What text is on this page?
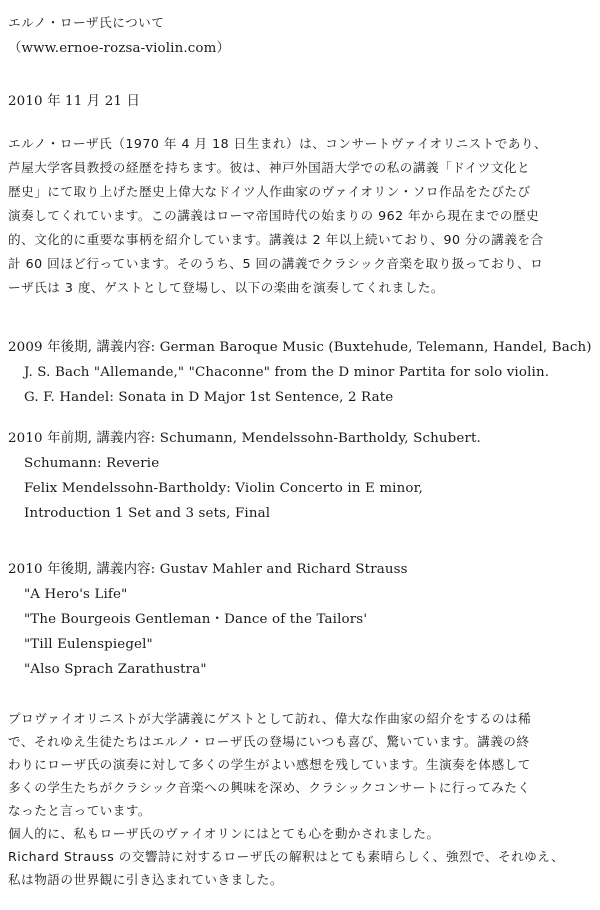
エルノ・ローザ氏について
（www.ernoe-rozsa-violin.com）
2010 年 11 月 21 日
エルノ・ローザ氏（1970 年 4 月 18 日生まれ）は、コンサートヴァイオリニストであり、
芦屋大学客員教授の経歴を持ちます。彼は、神戸外国語大学での私の講義「ドイツ文化と
歴史」にて取り上げた歴史上偉大なドイツ人作曲家のヴァイオリン・ソロ作品をたびたび
演奏してくれています。この講義はローマ帝国時代の始まりの 962 年から現在までの歴史
的、文化的に重要な事柄を紹介しています。講義は 2 年以上続いており、90 分の講義を合
計 60 回ほど行っています。そのうち、5 回の講義でクラシック音楽を取り扱っており、ロ
ーザ氏は 3 度、ゲストとして登場し、以下の楽曲を演奏してくれました。
2009 年後期, 講義内容: German Baroque Music (Buxtehude, Telemann, Handel, Bach)
J. S. Bach "Allemande," "Chaconne" from the D minor Partita for solo violin.
G. F. Handel: Sonata in D Major 1st Sentence, 2 Rate
2010 年前期, 講義内容: Schumann, Mendelssohn-Bartholdy, Schubert.
Schumann: Reverie
Felix Mendelssohn-Bartholdy: Violin Concerto in E minor,
Introduction 1 Set and 3 sets, Final
2010 年後期, 講義内容: Gustav Mahler and Richard Strauss
"A Hero's Life"
"The Bourgeois Gentleman・Dance of the Tailors'
"Till Eulenspiegel"
"Also Sprach Zarathustra"
プロヴァイオリニストが大学講義にゲストとして訪れ、偉大な作曲家の紹介をするのは稀
で、それゆえ生徒たちはエルノ・ローザ氏の登場にいつも喜び、驚いています。講義の終
わりにローザ氏の演奏に対して多くの学生がよい感想を残しています。生演奏を体感して
多くの学生たちがクラシック音楽への興味を深め、クラシックコンサートに行ってみたく
なったと言っています。
個人的に、私もローザ氏のヴァイオリンにはとても心を動かされました。
Richard Strauss の交響詩に対するローザ氏の解釈はとても素晴らしく、強烈で、それゆえ、
私は物語の世界観に引き込まれていきました。
